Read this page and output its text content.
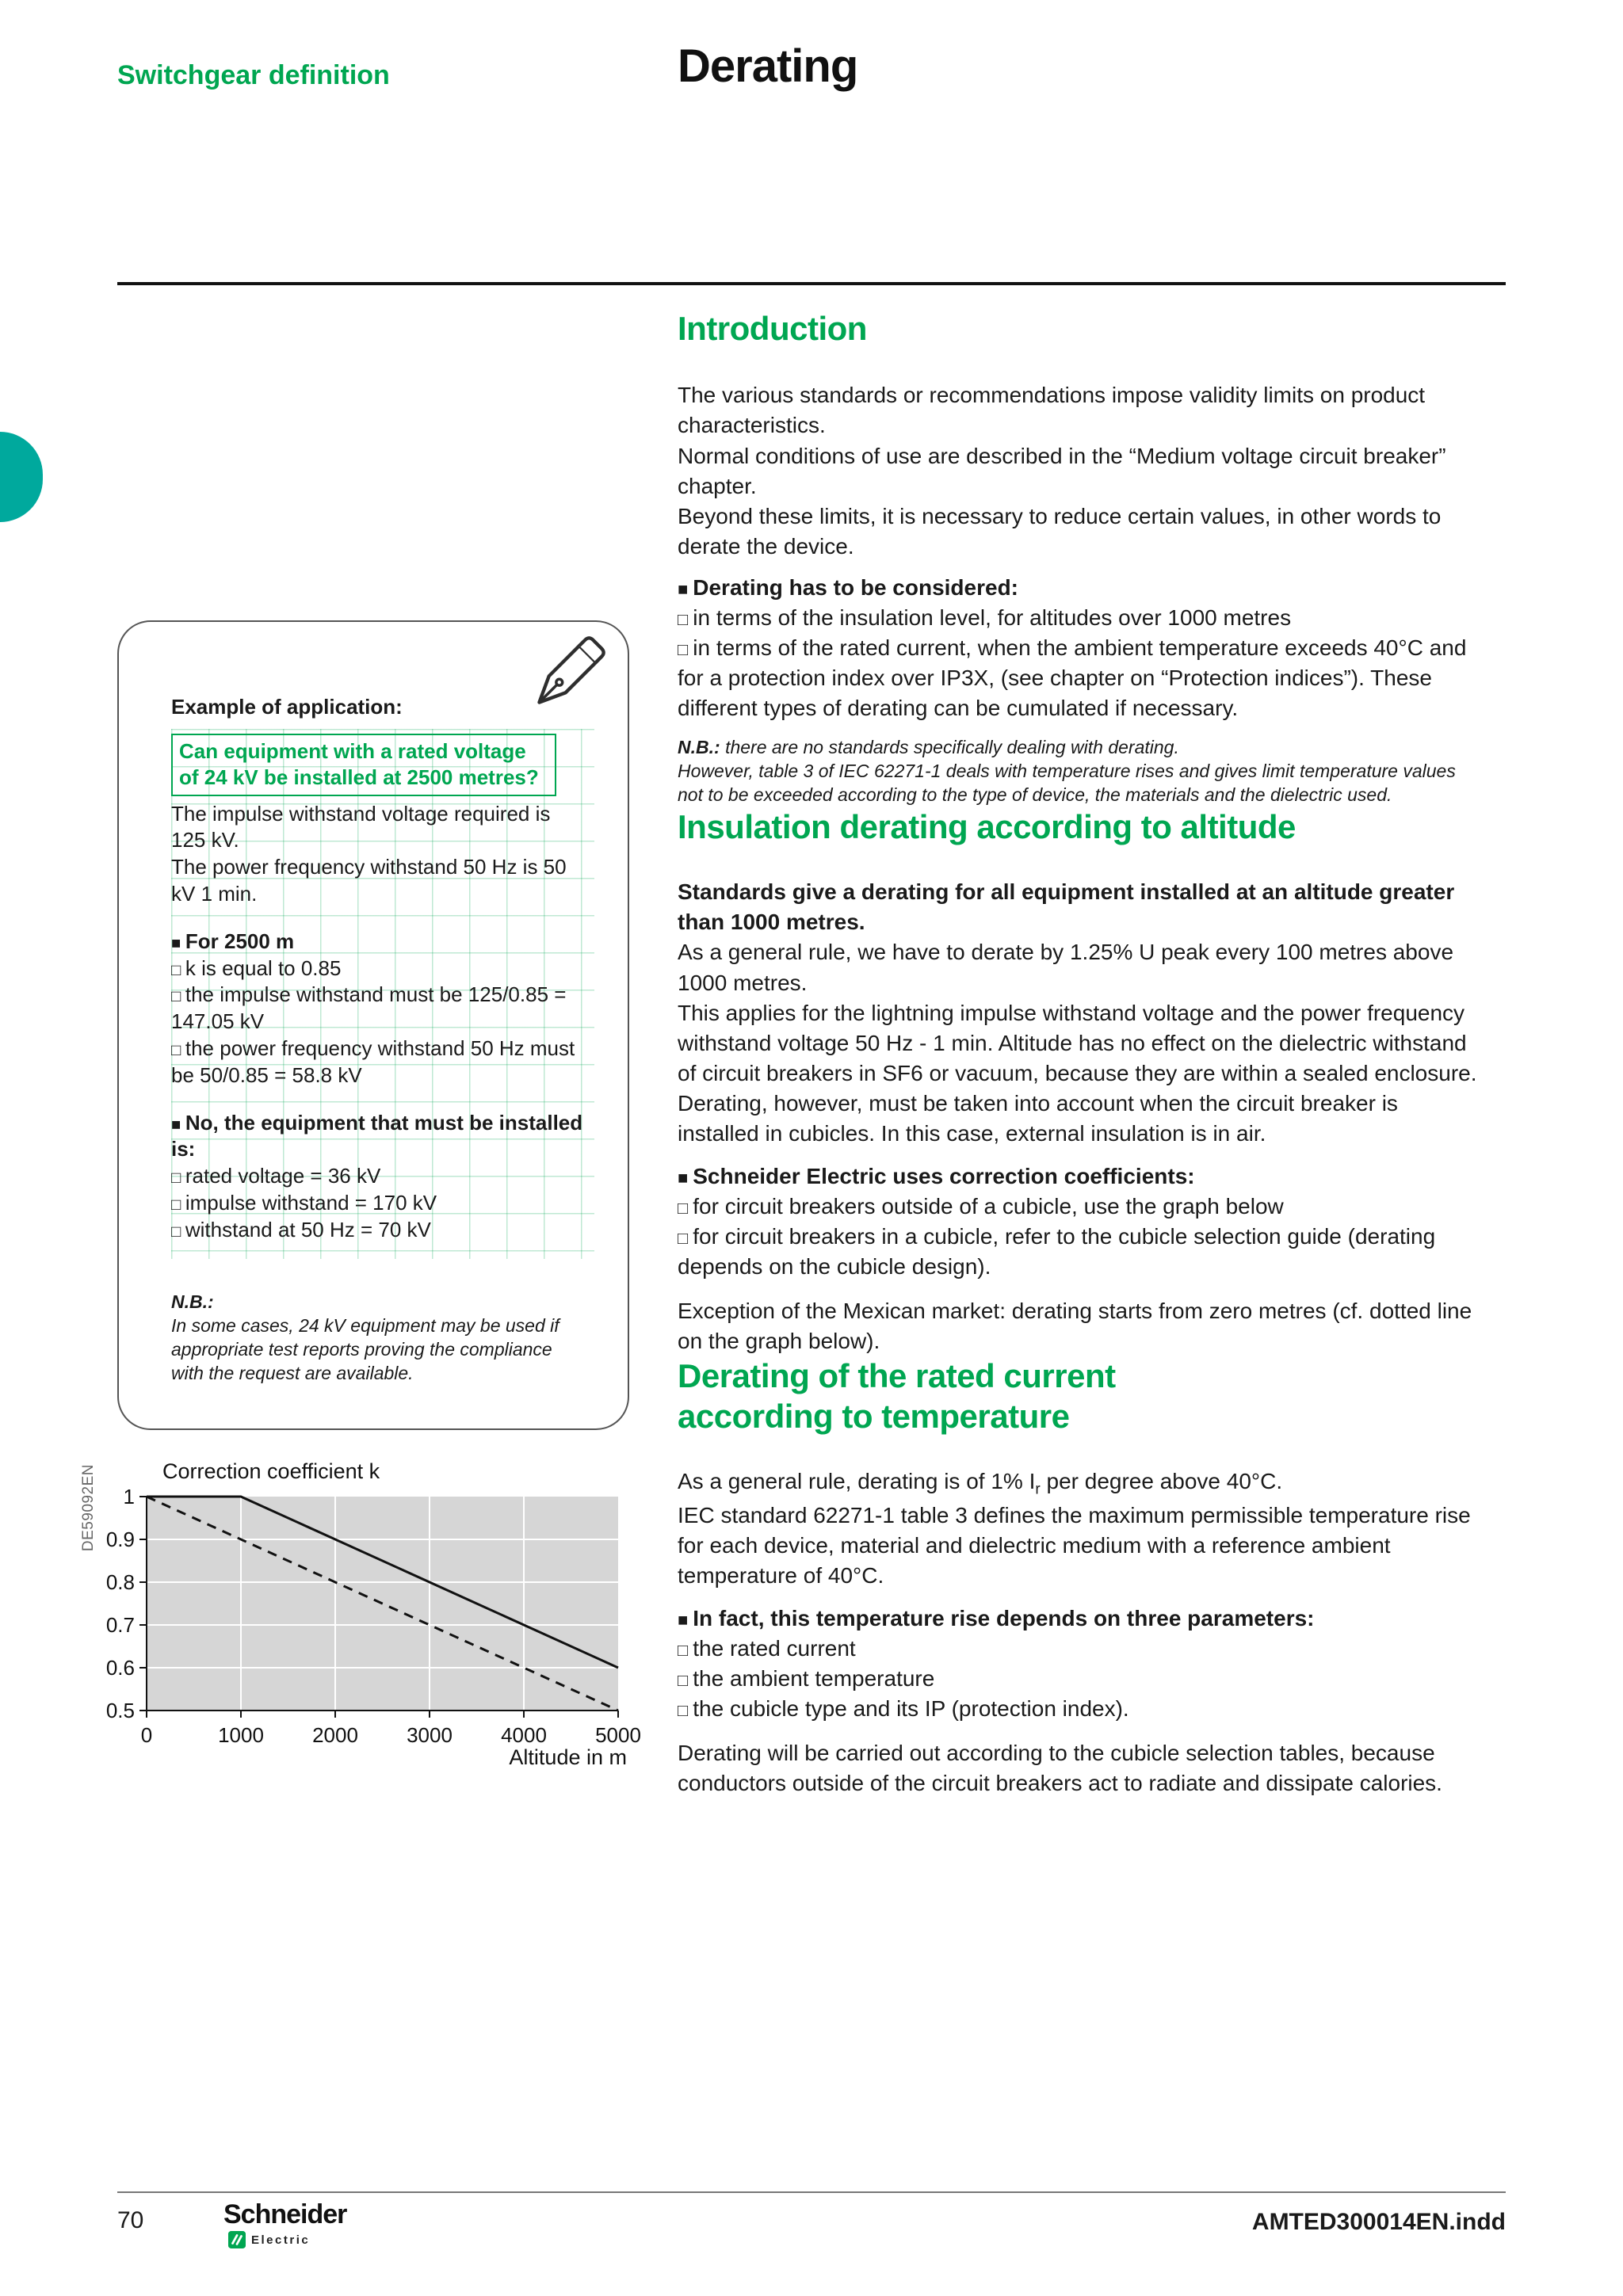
Switchgear definition	Derating
Introduction

The various standards or recommendations impose validity limits on product characteristics.

Normal conditions of use are described in the “Medium voltage circuit breaker” chapter.

Beyond these limits, it is necessary to reduce certain values, in other words to derate the device.

■ Derating has to be considered:
□ in terms of the insulation level, for altitudes over 1000 metres
□ in terms of the rated current, when the ambient temperature exceeds 40°C and for a protection index over IP3X, (see chapter on “Protection indices”). These different types of derating can be cumulated if necessary.

N.B.: there are no standards specifically dealing with derating.

However, table 3 of IEC 62271-1 deals with temperature rises and gives limit temperature values not to be exceeded according to the type of device, the materials and the dielectric used.

Insulation derating according to altitude

Standards give a derating for all equipment installed at an altitude greater than 1000 metres.

As a general rule, we have to derate by 1.25% U peak every 100 metres above 1000 metres.

This applies for the lightning impulse withstand voltage and the power frequency withstand voltage 50 Hz - 1 min. Altitude has no effect on the dielectric withstand of circuit breakers in SF6 or vacuum, because they are within a sealed enclosure. Derating, however, must be taken into account when the circuit breaker is installed in cubicles. In this case, external insulation is in air.

■ Schneider Electric uses correction coefficients:
□ for circuit breakers outside of a cubicle, use the graph below
□ for circuit breakers in a cubicle, refer to the cubicle selection guide (derating depends on the cubicle design).

Exception of the Mexican market: derating starts from zero metres (cf. dotted line on the graph below).

Derating of the rated current
according to temperature

As a general rule, derating is of 1% $I_r$ per degree above 40°C.

IEC standard 62271-1 table 3 defines the maximum permissible temperature rise for each device, material and dielectric medium with a reference ambient temperature of 40°C.

■ In fact, this temperature rise depends on three parameters:
□ the rated current
□ the ambient temperature
□ the cubicle type and its IP (protection index).

Derating will be carried out according to the cubicle selection tables, because conductors outside of the circuit breakers act to radiate and dissipate calories.

Example of application:
Can equipment with a rated voltage of 24 kV be installed at 2500 metres?

The impulse withstand voltage required is 125 kV.

The power frequency withstand 50 Hz is 50 kV 1 min.

■ For 2500 m
□ k is equal to 0.85
□ the impulse withstand must be 125/0.85 = 147.05 kV
□ the power frequency withstand 50 Hz must be 50/0.85 = 58.8 kV
■ No, the equipment that must be installed is:
□ rated voltage = 36 kV
□ impulse withstand = 170 kV
□ withstand at 50 Hz = 70 kV
N.B.:
In some cases, 24 kV equipment may be used if appropriate test reports proving the compliance with the request are available.
DE59092EN	Correction coefficient k
1
0.9
0.8
0.7
0.6
0.5
0	1000 2000 3000 4000 5000
Altitude in m
70	Schneider
Electric
AMTED300014EN.indd
